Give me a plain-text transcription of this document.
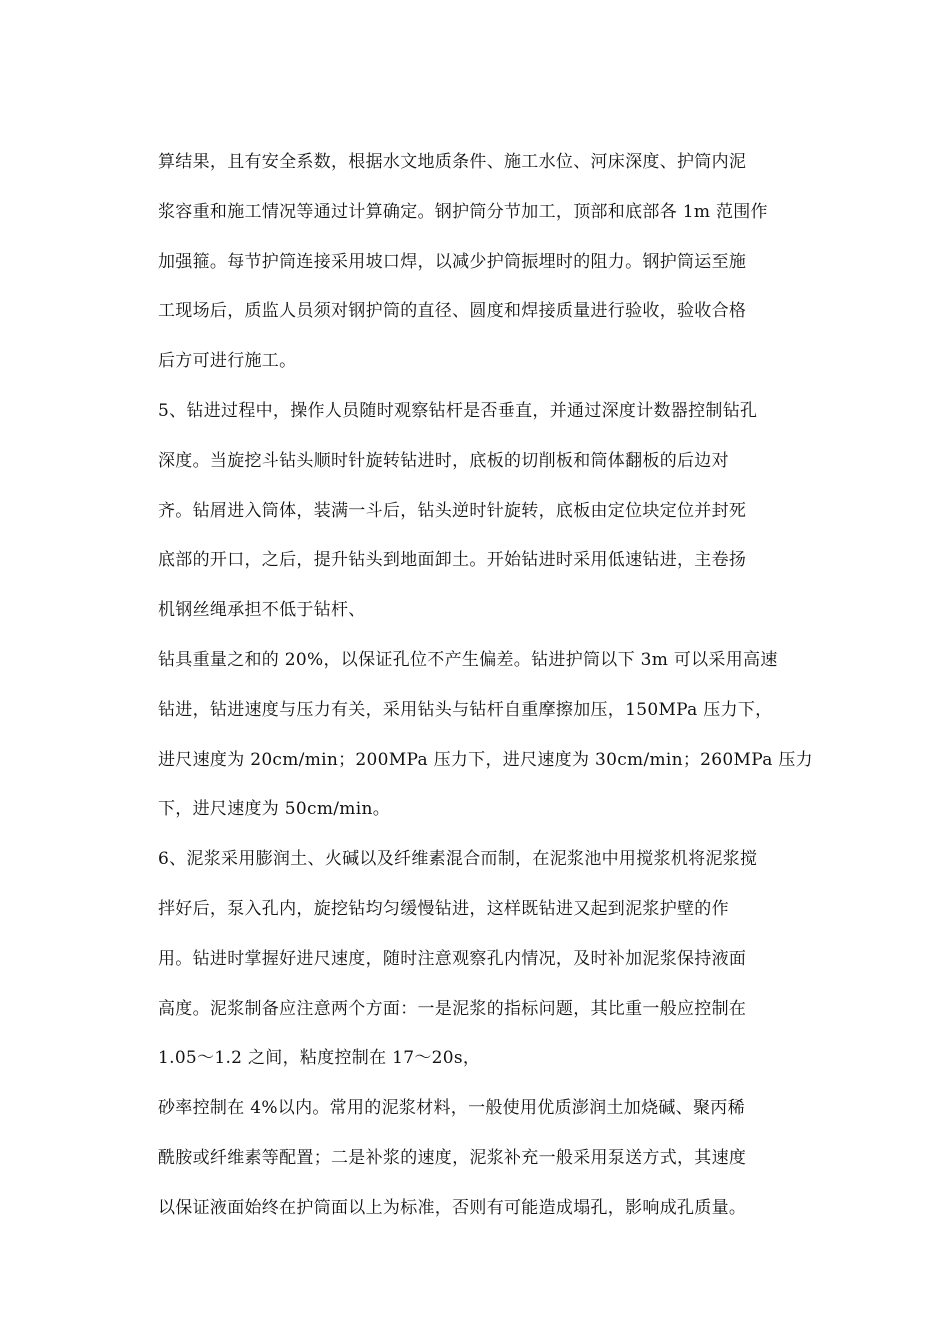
算结果，且有安全系数，根据水文地质条件、施工水位、河床深度、护筒内泥
浆容重和施工情况等通过计算确定。钢护筒分节加工，顶部和底部各 1m 范围作
加强箍。每节护筒连接采用坡口焊，以减少护筒振埋时的阻力。钢护筒运至施
工现场后，质监人员须对钢护筒的直径、圆度和焊接质量进行验收，验收合格
后方可进行施工。
5、钻进过程中，操作人员随时观察钻杆是否垂直，并通过深度计数器控制钻孔
深度。当旋挖斗钻头顺时针旋转钻进时，底板的切削板和筒体翻板的后边对
齐。钻屑进入筒体，装满一斗后，钻头逆时针旋转，底板由定位块定位并封死
底部的开口，之后，提升钻头到地面卸土。开始钻进时采用低速钻进，主卷扬
机钢丝绳承担不低于钻杆、
钻具重量之和的 20%，以保证孔位不产生偏差。钻进护筒以下 3m 可以采用高速
钻进，钻进速度与压力有关，采用钻头与钻杆自重摩擦加压，150MPa 压力下，
进尺速度为 20cm/min；200MPa 压力下，进尺速度为 30cm/min；260MPa 压力
下，进尺速度为 50cm/min。
6、泥浆采用膨润土、火碱以及纤维素混合而制，在泥浆池中用搅浆机将泥浆搅
拌好后，泵入孔内，旋挖钻均匀缓慢钻进，这样既钻进又起到泥浆护壁的作
用。钻进时掌握好进尺速度，随时注意观察孔内情况，及时补加泥浆保持液面
高度。泥浆制备应注意两个方面：一是泥浆的指标问题，其比重一般应控制在
1.05～1.2 之间，粘度控制在 17～20s，
砂率控制在 4%以内。常用的泥浆材料，一般使用优质澎润土加烧碱、聚丙稀
酰胺或纤维素等配置；二是补浆的速度，泥浆补充一般采用泵送方式，其速度
以保证液面始终在护筒面以上为标准，否则有可能造成塌孔，影响成孔质量。
